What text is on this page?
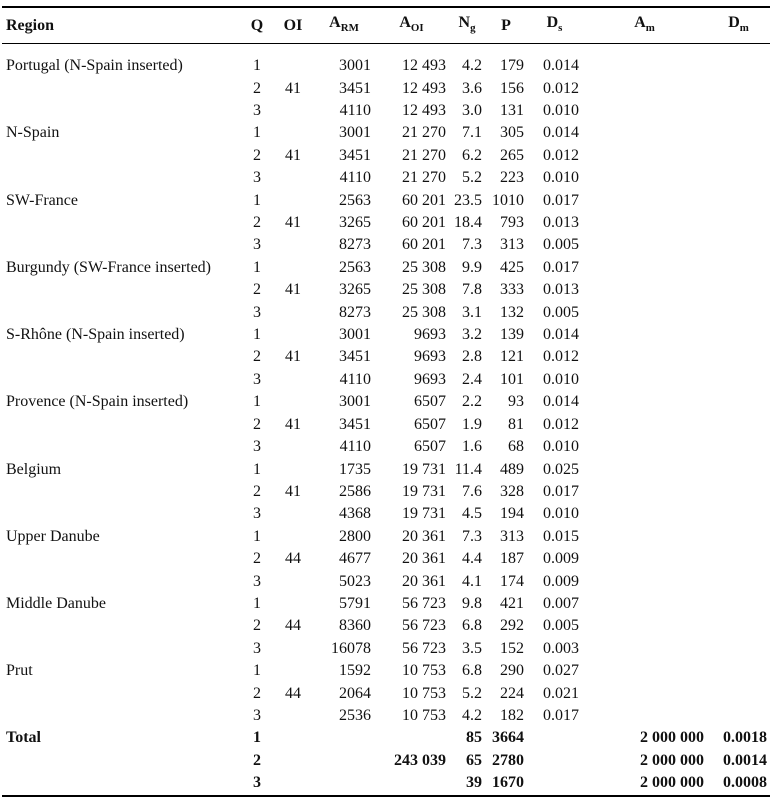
Region	Q	OI	$A_{RM}$	$A_{OI}$	$N_g$	P	$D_s$	$A_m$	$D_m$
Portugal (N-Spain inserted)	1		3001	12 493	4.2	179	0.014		
	2	41	3451	12 493	3.6	156	0.012		
	3		4110	12 493	3.0	131	0.010		
N-Spain	1		3001	21 270	7.1	305	0.014		
	2	41	3451	21 270	6.2	265	0.012		
	3		4110	21 270	5.2	223	0.010		
SW-France	1		2563	60 201	23.5	1010	0.017		
	2	41	3265	60 201	18.4	793	0.013		
	3		8273	60 201	7.3	313	0.005		
Burgundy (SW-France inserted)	1		2563	25 308	9.9	425	0.017		
	2	41	3265	25 308	7.8	333	0.013		
	3		8273	25 308	3.1	132	0.005		
S-Rhône (N-Spain inserted)	1		3001	9693	3.2	139	0.014		
	2	41	3451	9693	2.8	121	0.012		
	3		4110	9693	2.4	101	0.010		
Provence (N-Spain inserted)	1		3001	6507	2.2	93	0.014		
	2	41	3451	6507	1.9	81	0.012		
	3		4110	6507	1.6	68	0.010		
Belgium	1		1735	19 731	11.4	489	0.025		
	2	41	2586	19 731	7.6	328	0.017		
	3		4368	19 731	4.5	194	0.010		
Upper Danube	1		2800	20 361	7.3	313	0.015		
	2	44	4677	20 361	4.4	187	0.009		
	3		5023	20 361	4.1	174	0.009		
Middle Danube	1		5791	56 723	9.8	421	0.007		
	2	44	8360	56 723	6.8	292	0.005		
	3		16078	56 723	3.5	152	0.003		
Prut	1		1592	10 753	6.8	290	0.027		
	2	44	2064	10 753	5.2	224	0.021		
	3		2536	10 753	4.2	182	0.017		
Total	1				85	3664		2 000 000	0.0018
	2			243 039	65	2780		2 000 000	0.0014
	3				39	1670		2 000 000	0.0008
